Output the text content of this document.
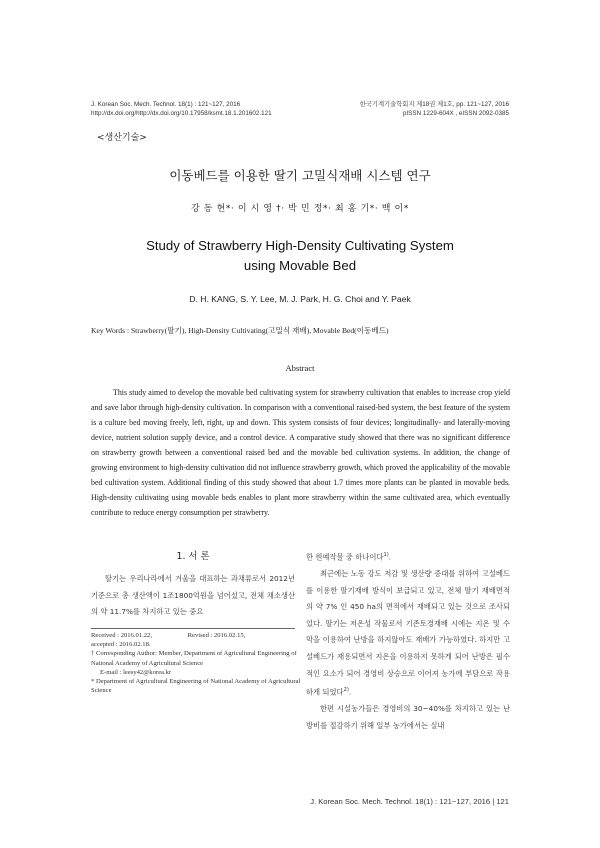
J. Korean Soc. Mech. Technol. 18(1) : 121~127, 2016
http://dx.doi.org/http://dx.doi.org/10.17958/ksmt.18.1.201602.121
한국기계기술학회지 제18권 제1호, pp. 121~127, 2016
pISSN 1229-604X , eISSN 2092-0385
<생산기술>
이동베드를 이용한 딸기 고밀식재배 시스템 연구
강 동 현*· 이 시 영 †· 박 민 정*· 최 홍 기*· 백 이*
Study of Strawberry High-Density Cultivating System
using Movable Bed
D. H. KANG, S. Y. Lee, M. J. Park, H. G. Choi and Y. Paek
Key Words : Strawberry(딸기), High-Density Cultivating(고밀식 재배), Movable Bed(이동베드)
Abstract

This study aimed to develop the movable bed cultivating system for strawberry cultivation that enables to increase crop yield and save labor through high-density cultivation. In comparison with a conventional raised-bed system, the best feature of the system is a culture bed moving freely, left, right, up and down. This system consists of four devices; longitudinally- and laterally-moving device, nutrient solution supply device, and a control device. A comparative study showed that there was no significant difference on strawberry growth between a conventional raised bed and the movable bed cultivation systems. In addition, the change of growing environment to high-density cultivation did not influence strawberry growth, which proved the applicability of the movable bed cultivation system. Additional finding of this study showed that about 1.7 times more plants can be planted in movable beds. High-density cultivating using movable beds enables to plant more strawberry within the same cultivated area, which eventually contribute to reduce energy consumption per strawberry.

1. 서 론

딸기는 우리나라에서 겨울을 대표하는 과채류로서 2012년 기준으로 총 생산액이 1조1800억원을 넘어섰고, 전체 채소생산의 약 11.7%를 차지하고 있는 중요

Received : 2016.01.22,	Revised : 2016.02.15,
accepted : 2016.02.18.
† Corresponding Author: Member, Department of Agricultural Engineering of National Academy of Agricultural Science
E-mail : leesy42@korea.kr
* Department of Agricultural Engineering of National Academy of Agricultural Science

한 원예작물 중 하나이다$^{1)}$.

최근에는 노동 강도 저감 및 생산량 증대를 위하여 고설베드를 이용한 딸기재배 방식이 보급되고 있고, 전체 딸기 재배면적의 약 7% 인 450 ha의 면적에서 재배되고 있는 것으로 조사되었다. 딸기는 저온성 작물로서 기존토경재배 시에는 지온 및 수막을 이용하여 난방을 하지않아도 재배가 가능하였다. 하지만 고설베드가 재용되면서 지온을 이용하지 못하게 되어 난방은 필수적인 요소가 되어 경영비 상승으로 이어져 농가에 부담으로 작용하게 되었다$^{2)}$.

한편 시설농가들은 경영비의 30~40%를 차지하고 있는 난방비를 절감하기 위해 일부 농가에서는 실내

J. Korean Soc. Mech. Technol. 18(1) : 121~127, 2016 | 121
